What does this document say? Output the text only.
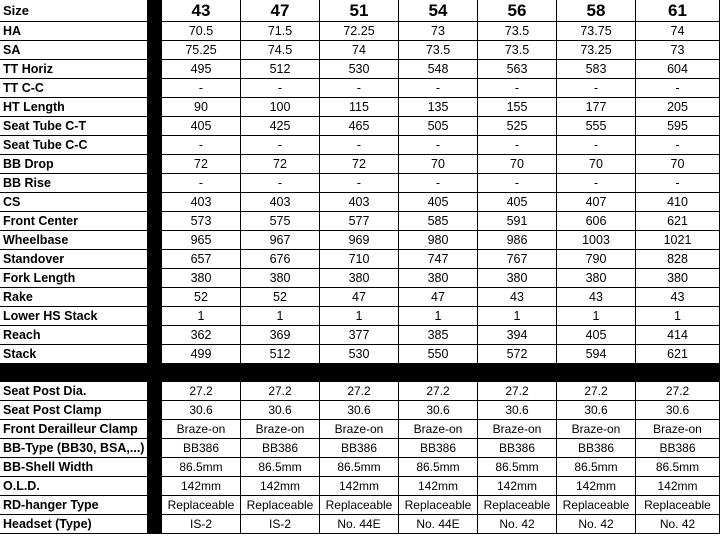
Size	43	47	51	54	56	58	61
HA	70.5	71.5	72.25	73	73.5	73.75	74
SA	75.25	74.5	74	73.5	73.5	73.25	73
TT Horiz	495	512	530	548	563	583	604
TT C-C	-	-	-	-	-	-	-
HT Length	90	100	115	135	155	177	205
Seat Tube C-T	405	425	465	505	525	555	595
Seat Tube C-C	-	-	-	-	-	-	-
BB Drop	72	72	72	70	70	70	70
BB Rise	-	-	-	-	-	-	-
CS	403	403	403	405	405	407	410
Front Center	573	575	577	585	591	606	621
Wheelbase	965	967	969	980	986	1003	1021
Standover	657	676	710	747	767	790	828
Fork Length	380	380	380	380	380	380	380
Rake	52	52	47	47	43	43	43
Lower HS Stack	1	1	1	1	1	1	1
Reach	362	369	377	385	394	405	414
Stack	499	512	530	550	572	594	621
Seat Post Dia.	27.2	27.2	27.2	27.2	27.2	27.2	27.2
Seat Post Clamp	30.6	30.6	30.6	30.6	30.6	30.6	30.6
Front Derailleur Clamp	Braze-on	Braze-on	Braze-on	Braze-on	Braze-on	Braze-on	Braze-on
BB-Type (BB30, BSA,...)	BB386	BB386	BB386	BB386	BB386	BB386	BB386
BB-Shell Width	86.5mm	86.5mm	86.5mm	86.5mm	86.5mm	86.5mm	86.5mm
O.L.D.	142mm	142mm	142mm	142mm	142mm	142mm	142mm
RD-hanger Type	Replaceable	Replaceable	Replaceable	Replaceable	Replaceable	Replaceable	Replaceable
Headset (Type)	IS-2	IS-2	No. 44E	No. 44E	No. 42	No. 42	No. 42
